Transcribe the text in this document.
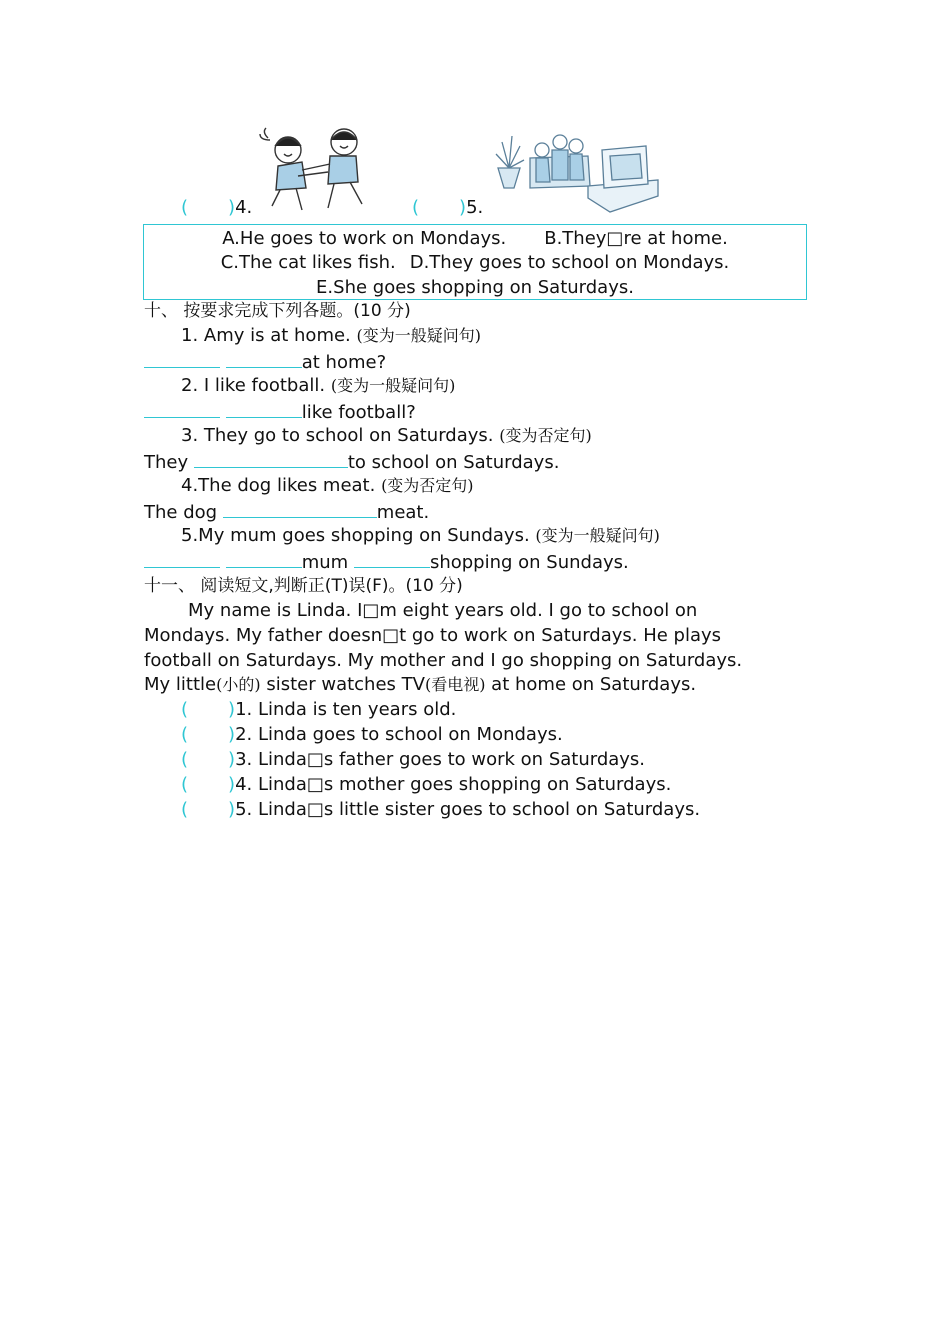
( )4.	( )5.
A.He goes to work on Mondays. B.They□re at home.
C.The cat likes fish. D.They goes to school on Mondays.
E.She goes shopping on Saturdays.
十、 按要求完成下列各题。(10 分)
1. Amy is at home. (变为一般疑问句)
at home?
2. I like football. (变为一般疑问句)
like football?
3. They go to school on Saturdays. (变为否定句)
They	to school on Saturdays.
4.The dog likes meat. (变为否定句)
The dog	meat.
5.My mum goes shopping on Sundays. (变为一般疑问句)
mum	shopping on Sundays.
十一、 阅读短文,判断正(T)误(F)。(10 分)
My name is Linda. I□m eight years old. I go to school on
Mondays. My father doesn□t go to work on Saturdays. He plays
football on Saturdays. My mother and I go shopping on Saturdays.
My little(小的) sister watches TV(看电视) at home on Saturdays.
( )1. Linda is ten years old.
( )2. Linda goes to school on Mondays.
( )3. Linda□s father goes to work on Saturdays.
( )4. Linda□s mother goes shopping on Saturdays.
( )5. Linda□s little sister goes to school on Saturdays.
